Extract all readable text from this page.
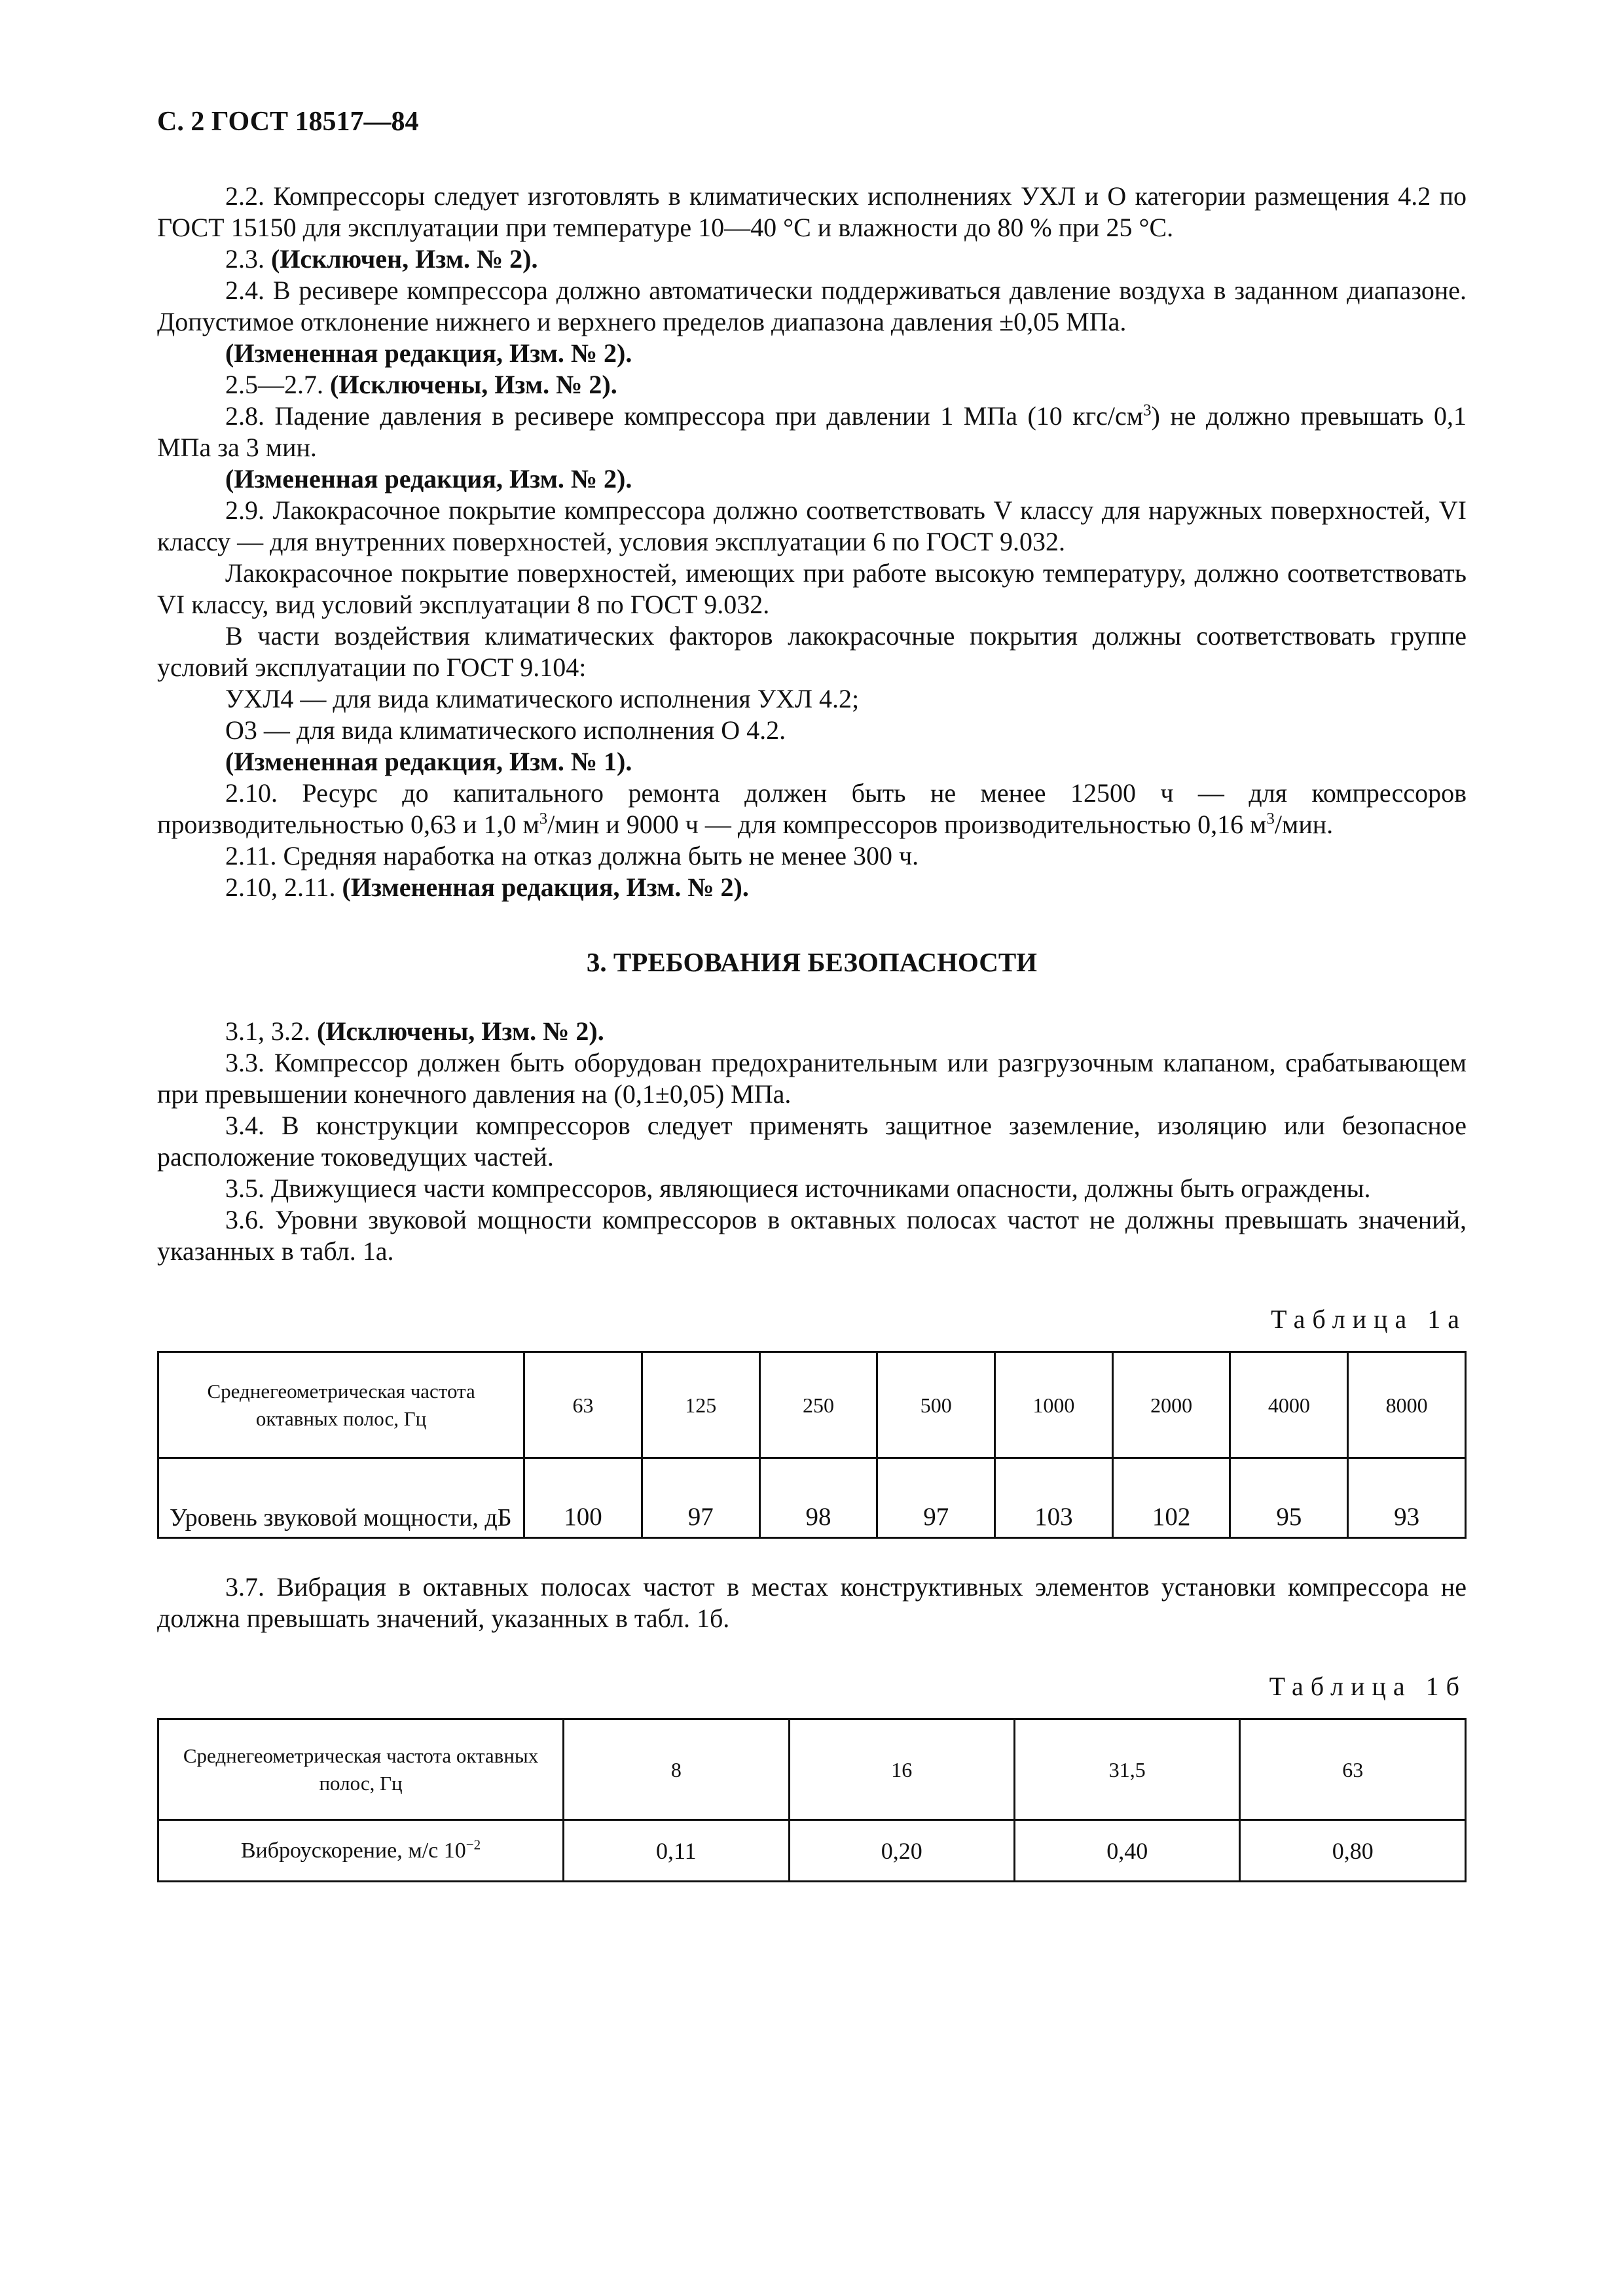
С. 2 ГОСТ 18517—84

2.2. Компрессоры следует изготовлять в климатических исполнениях УХЛ и О категории размещения 4.2 по ГОСТ 15150 для эксплуатации при температуре 10—40 °С и влажности до 80 % при 25 °С.

2.3. (Исключен, Изм. № 2).

2.4. В ресивере компрессора должно автоматически поддерживаться давление воздуха в заданном диапазоне. Допустимое отклонение нижнего и верхнего пределов диапазона давления ±0,05 МПа.

(Измененная редакция, Изм. № 2).

2.5—2.7. (Исключены, Изм. № 2).

2.8. Падение давления в ресивере компрессора при давлении 1 МПа (10 кгс/$см^3$) не должно превышать 0,1 МПа за 3 мин.

(Измененная редакция, Изм. № 2).

2.9. Лакокрасочное покрытие компрессора должно соответствовать V классу для наружных поверхностей, VI классу — для внутренних поверхностей, условия эксплуатации 6 по ГОСТ 9.032.

Лакокрасочное покрытие поверхностей, имеющих при работе высокую температуру, должно соответствовать VI классу, вид условий эксплуатации 8 по ГОСТ 9.032.

В части воздействия климатических факторов лакокрасочные покрытия должны соответствовать группе условий эксплуатации по ГОСТ 9.104:

УХЛ4 — для вида климатического исполнения УХЛ 4.2;

О3 — для вида климатического исполнения О 4.2.

(Измененная редакция, Изм. № 1).

2.10. Ресурс до капитального ремонта должен быть не менее 12500 ч — для компрессоров производительностью 0,63 и 1,0 $м^3$/мин и 9000 ч — для компрессоров производительностью 0,16 $м^3$/мин.

2.11. Средняя наработка на отказ должна быть не менее 300 ч.

2.10, 2.11. (Измененная редакция, Изм. № 2).

3. ТРЕБОВАНИЯ БЕЗОПАСНОСТИ

3.1, 3.2. (Исключены, Изм. № 2).

3.3. Компрессор должен быть оборудован предохранительным или разгрузочным клапаном, срабатывающем при превышении конечного давления на (0,1±0,05) МПа.

3.4. В конструкции компрессоров следует применять защитное заземление, изоляцию или безопасное расположение токоведущих частей.

3.5. Движущиеся части компрессоров, являющиеся источниками опасности, должны быть ограждены.

3.6. Уровни звуковой мощности компрессоров в октавных полосах частот не должны превышать значений, указанных в табл. 1а.

Таблица 1а
Среднегеометрическая частота октавных полос, Гц	63	125	250	500	1000	2000	4000	8000
Уровень звуковой мощности, дБ	100	97	98	97	103	102	95	93

3.7. Вибрация в октавных полосах частот в местах конструктивных элементов установки компрессора не должна превышать значений, указанных в табл. 1б.

Таблица 1б
Среднегеометрическая частота октавных полос, Гц	8	16	31,5	63
Виброускорение, м/с $10^{-2}$	0,11	0,20	0,40	0,80
